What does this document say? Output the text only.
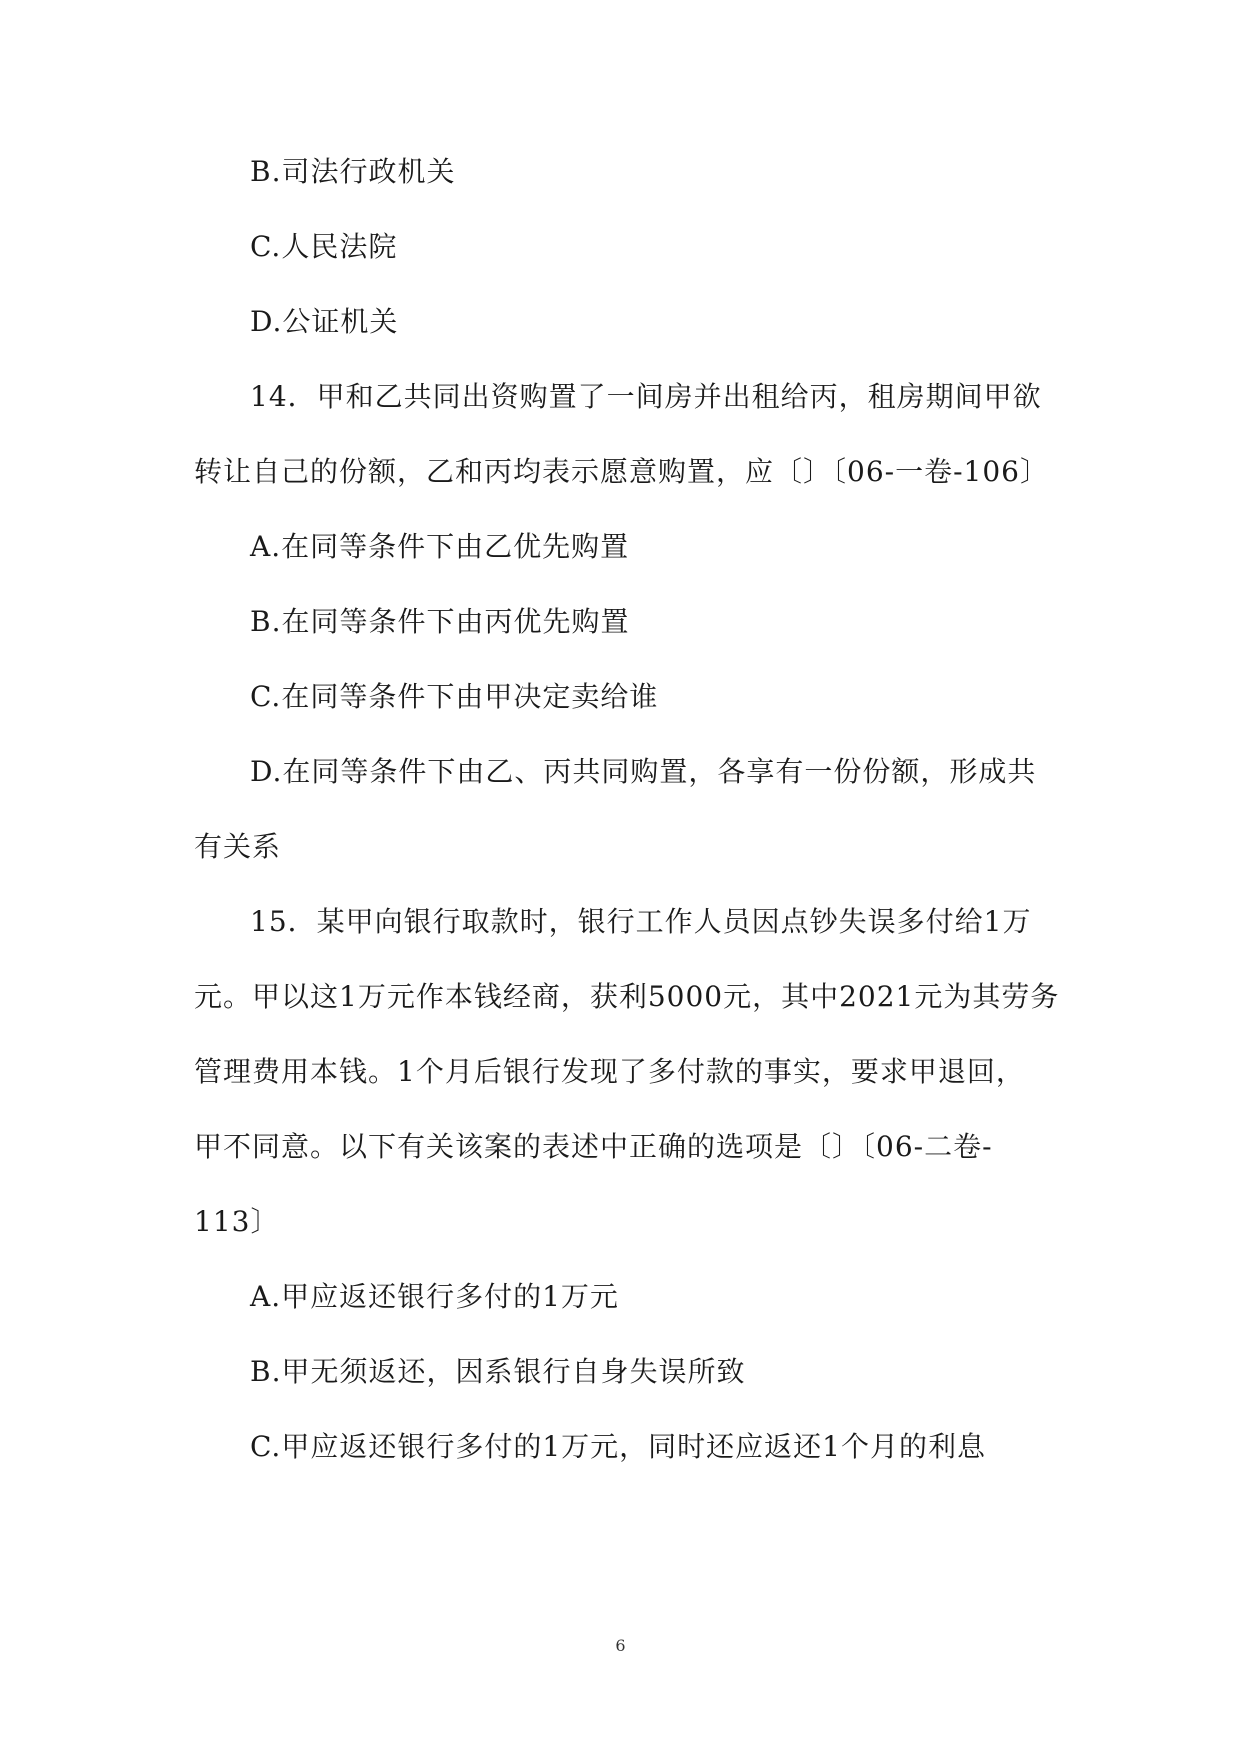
B.司法行政机关
C.人民法院
D.公证机关
14．甲和乙共同出资购置了一间房并出租给丙，租房期间甲欲
转让自己的份额，乙和丙均表示愿意购置，应〔〕〔06-一卷-106〕
A.在同等条件下由乙优先购置
B.在同等条件下由丙优先购置
C.在同等条件下由甲决定卖给谁
D.在同等条件下由乙、丙共同购置，各享有一份份额，形成共
有关系
15．某甲向银行取款时，银行工作人员因点钞失误多付给1万
元。甲以这1万元作本钱经商，获利5000元，其中2021元为其劳务
管理费用本钱。1个月后银行发现了多付款的事实，要求甲退回，
甲不同意。以下有关该案的表述中正确的选项是〔〕〔06-二卷-
113〕
A.甲应返还银行多付的1万元
B.甲无须返还，因系银行自身失误所致
C.甲应返还银行多付的1万元，同时还应返还1个月的利息
6
